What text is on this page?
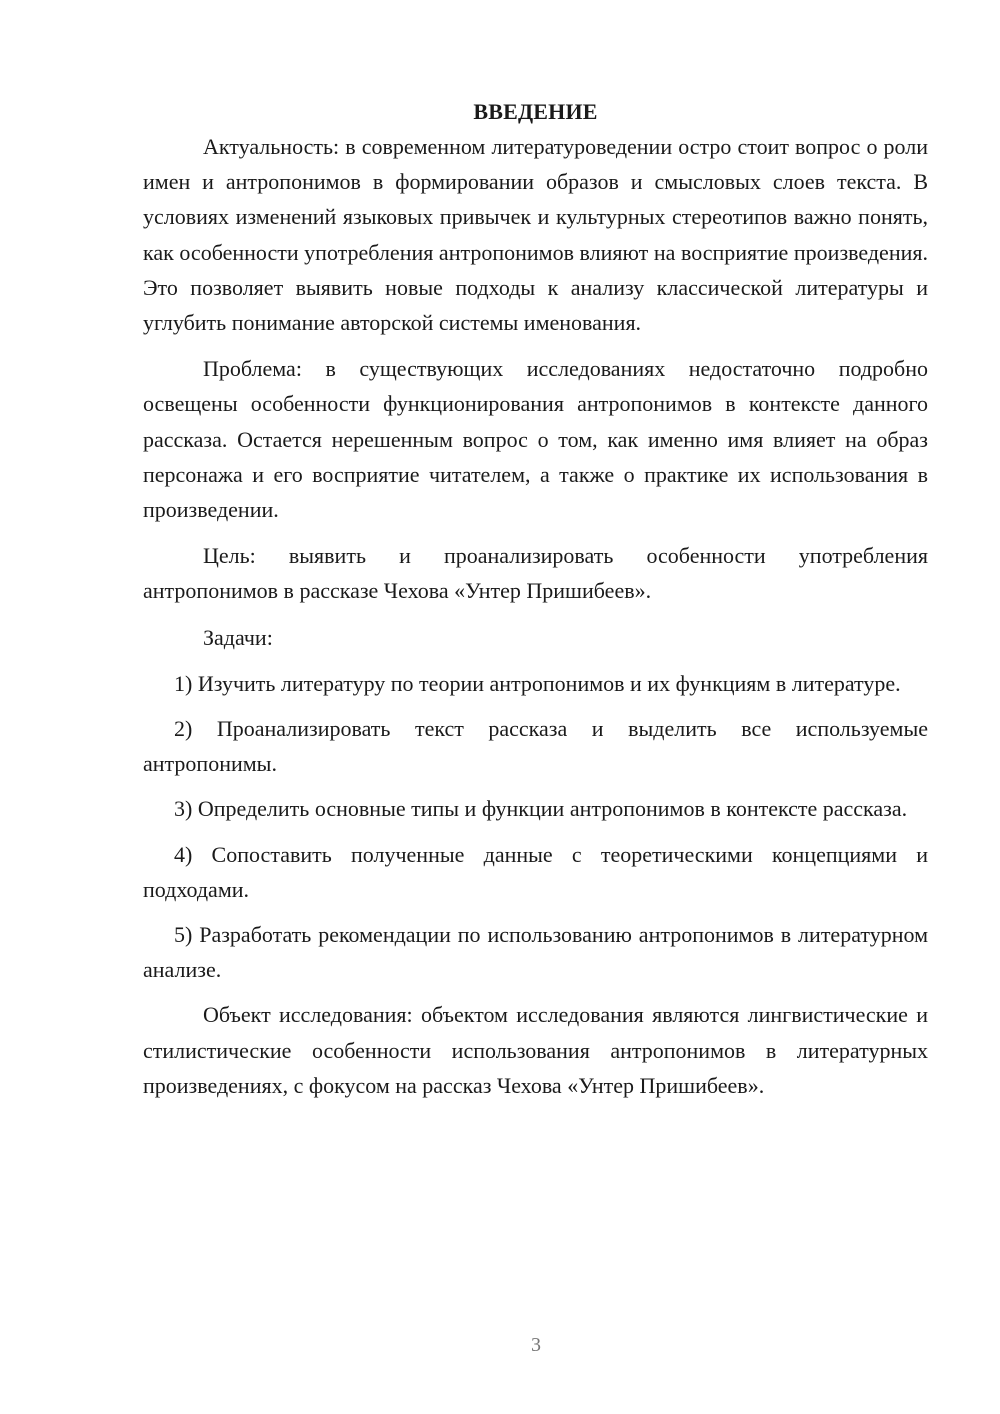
ВВЕДЕНИЕ

Актуальность: в современном литературоведении остро стоит вопрос о роли имен и антропонимов в формировании образов и смысловых слоев текста. В условиях изменений языковых привычек и культурных стереотипов важно понять, как особенности употребления антропонимов влияют на восприятие произведения. Это позволяет выявить новые подходы к анализу классической литературы и углубить понимание авторской системы именования.

Проблема: в существующих исследованиях недостаточно подробно освещены особенности функционирования антропонимов в контексте данного рассказа. Остается нерешенным вопрос о том, как именно имя влияет на образ персонажа и его восприятие читателем, а также о практике их использования в произведении.

Цель: выявить и проанализировать особенности употребления антропонимов в рассказе Чехова «Унтер Пришибеев».

Задачи:

1) Изучить литературу по теории антропонимов и их функциям в литературе.

2) Проанализировать текст рассказа и выделить все используемые антропонимы.

3) Определить основные типы и функции антропонимов в контексте рассказа.

4) Сопоставить полученные данные с теоретическими концепциями и подходами.

5) Разработать рекомендации по использованию антропонимов в литературном анализе.

Объект исследования: объектом исследования являются лингвистические и стилистические особенности использования антропонимов в литературных произведениях, с фокусом на рассказ Чехова «Унтер Пришибеев».

3
